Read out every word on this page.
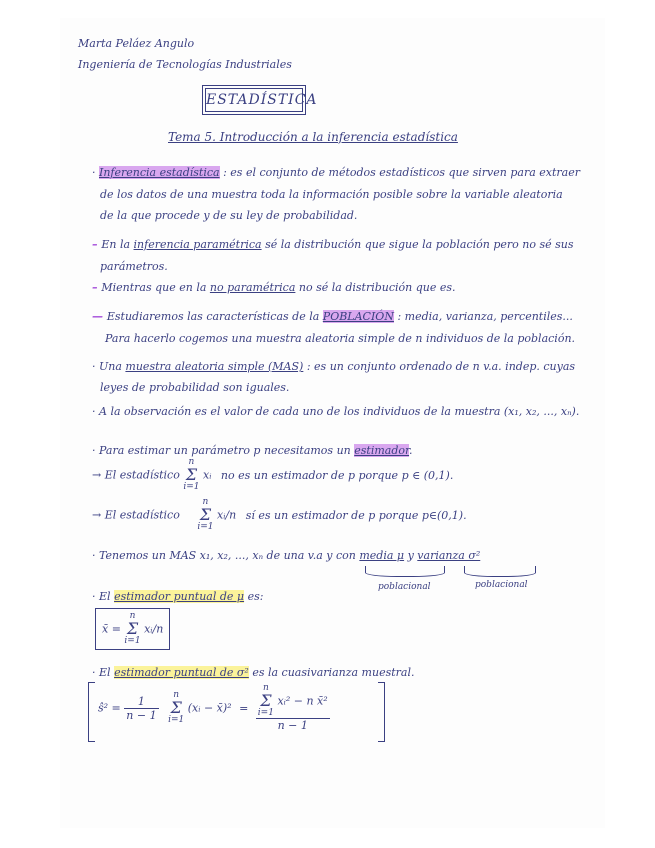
Marta Peláez Angulo
Ingeniería de Tecnologías Industriales
ESTADÍSTICA
Tema 5. Introducción a la inferencia estadística
· Inferencia estadística : es el conjunto de métodos estadísticos que sirven para extraer
de los datos de una muestra toda la información posible sobre la variable aleatoria
de la que procede y de su ley de probabilidad.
– En la inferencia paramétrica sé la distribución que sigue la población pero no sé sus
parámetros.
– Mientras que en la no paramétrica no sé la distribución que es.
— Estudiaremos las características de la POBLACIÓN : media, varianza, percentiles...
Para hacerlo cogemos una muestra aleatoria simple de n individuos de la población.
· Una muestra aleatoria simple (MAS) : es un conjunto ordenado de n v.a. indep. cuyas
leyes de probabilidad son iguales.
· A la observación es el valor de cada uno de los individuos de la muestra (x₁, x₂, ..., xₙ).
· Para estimar un parámetro p necesitamos un estimador.
→ El estadístico n
Σ
i=1 xᵢ no es un estimador de p porque p ∈ (0,1).
→ El estadístico n
Σ
i=1 xᵢ/n sí es un estimador de p porque p∈(0,1).
· Tenemos un MAS x₁, x₂, ..., xₙ de una v.a y con media μ y varianza σ²
poblacional	poblacional
· El estimador puntual de μ es:
x̄ = n
Σ
i=1 xᵢ/n
· El estimador puntual de σ² es la cuasivarianza muestral.
ŝ² = $\frac{1}{n - 1}$ n
Σ
i=1 (xᵢ − x̄)² = n
Σ
i=1 xᵢ² − n x̄²
n − 1
